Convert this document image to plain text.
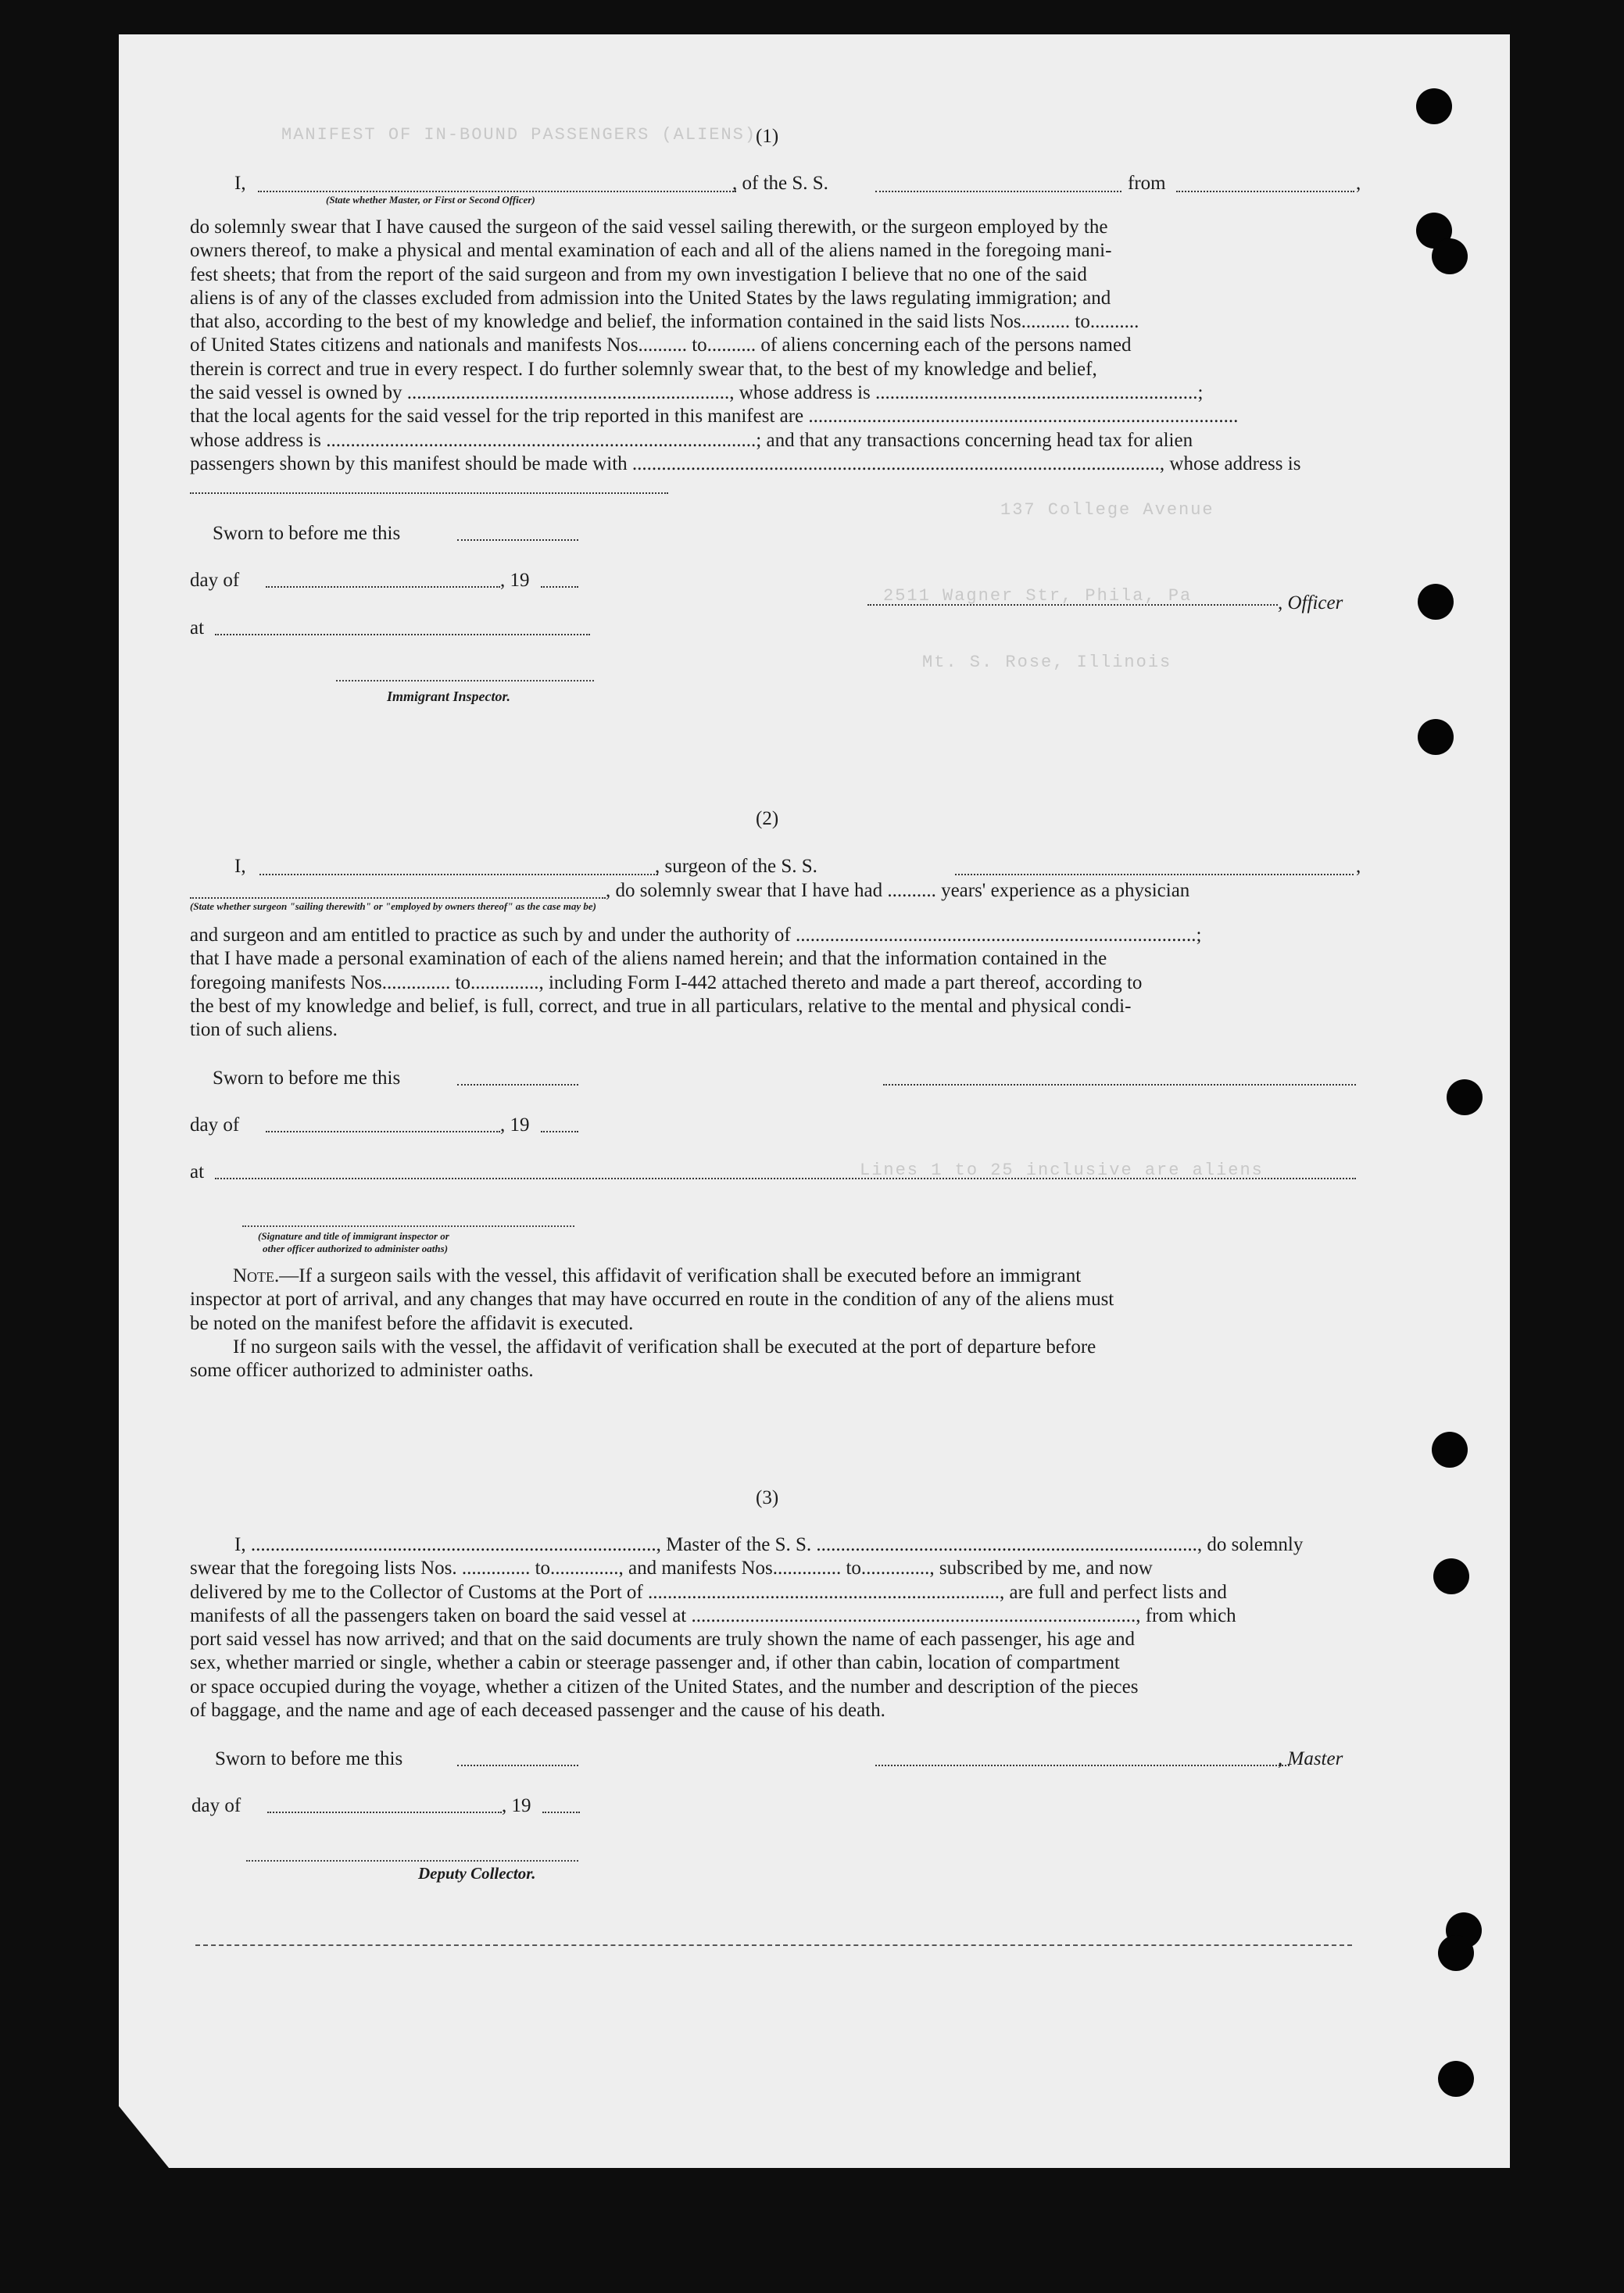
MANIFEST OF IN-BOUND PASSENGERS (ALIENS)
137 College Avenue
2511 Wagner Str, Phila, Pa
Mt. S. Rose, Illinois
Lines 1 to 25 inclusive are aliens
(1)
I,
(State whether Master, or First or Second Officer)
, of the S. S.	from	,

do solemnly swear that I have caused the surgeon of the said vessel sailing therewith, or the surgeon employed by the

owners thereof, to make a physical and mental examination of each and all of the aliens named in the foregoing mani-

fest sheets; that from the report of the said surgeon and from my own investigation I believe that no one of the said

aliens is of any of the classes excluded from admission into the United States by the laws regulating immigration; and

that also, according to the best of my knowledge and belief, the information contained in the said lists Nos.......... to..........

of United States citizens and nationals and manifests Nos.......... to.......... of aliens concerning each of the persons named

therein is correct and true in every respect. I do further solemnly swear that, to the best of my knowledge and belief,

the said vessel is owned by .................................................................., whose address is ..................................................................;

that the local agents for the said vessel for the trip reported in this manifest are ........................................................................................

whose address is ........................................................................................; and that any transactions concerning head tax for alien

passengers shown by this manifest should be made with ............................................................................................................, whose address is

Sworn to before me this
day of	, 19
, Officer
at
Immigrant Inspector.
(2)
I,	, surgeon of the S. S.	,
, do solemnly swear that I have had .......... years' experience as a physician
(State whether surgeon "sailing therewith" or "employed by owners thereof" as the case may be)

and surgeon and am entitled to practice as such by and under the authority of ..................................................................................;

that I have made a personal examination of each of the aliens named herein; and that the information contained in the

foregoing manifests Nos.............. to.............., including Form I-442 attached thereto and made a part thereof, according to

the best of my knowledge and belief, is full, correct, and true in all particulars, relative to the mental and physical condi-

tion of such aliens.

Sworn to before me this
day of	, 19
at
(Signature and title of immigrant inspector or
other officer authorized to administer oaths)

Note.—If a surgeon sails with the vessel, this affidavit of verification shall be executed before an immigrant

inspector at port of arrival, and any changes that may have occurred en route in the condition of any of the aliens must

be noted on the manifest before the affidavit is executed.

If no surgeon sails with the vessel, the affidavit of verification shall be executed at the port of departure before

some officer authorized to administer oaths.

(3)

I, ..................................................................................., Master of the S. S. .............................................................................., do solemnly

swear that the foregoing lists Nos. .............. to.............., and manifests Nos.............. to.............., subscribed by me, and now

delivered by me to the Collector of Customs at the Port of ........................................................................, are full and perfect lists and

manifests of all the passengers taken on board the said vessel at ..........................................................................................., from which

port said vessel has now arrived; and that on the said documents are truly shown the name of each passenger, his age and

sex, whether married or single, whether a cabin or steerage passenger and, if other than cabin, location of compartment

or space occupied during the voyage, whether a citizen of the United States, and the number and description of the pieces

of baggage, and the name and age of each deceased passenger and the cause of his death.

Sworn to before me this	, Master
day of	, 19
Deputy Collector.
